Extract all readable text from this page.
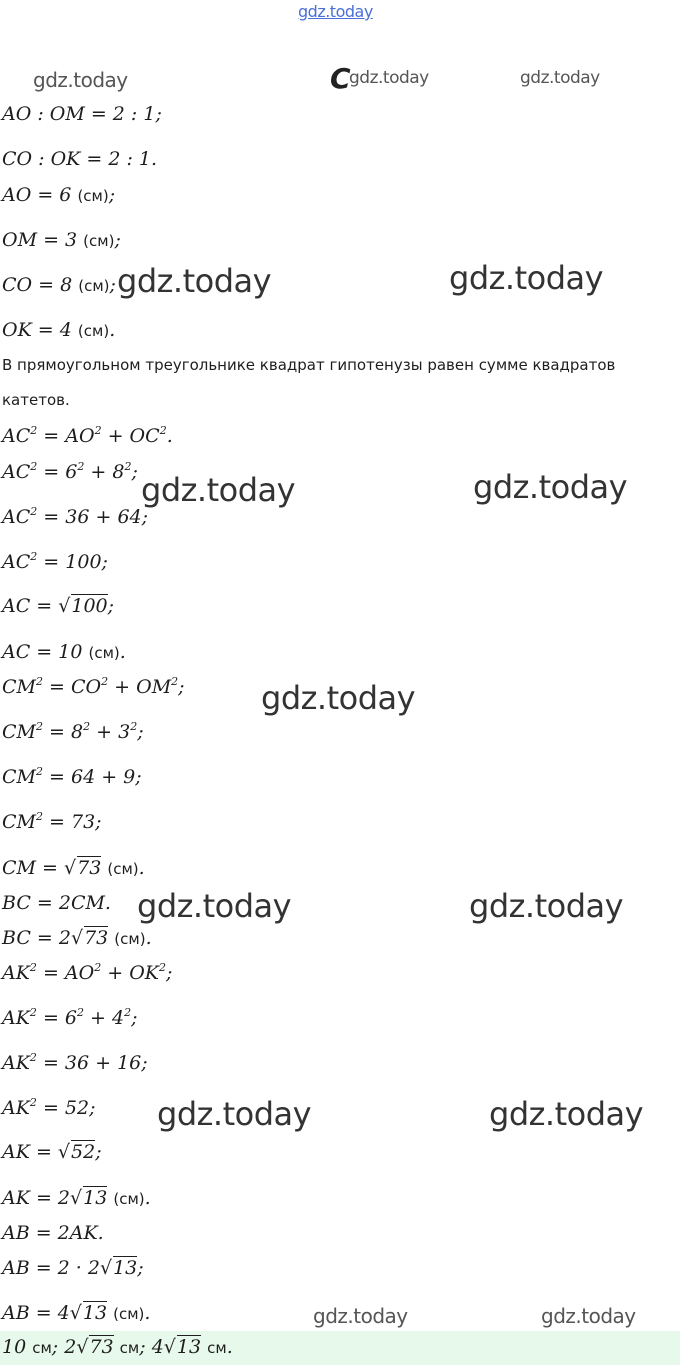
gdz.today
gdz.today	C
gdz.today	gdz.today
gdz.today	gdz.today
gdz.today	gdz.today
gdz.today
gdz.today	gdz.today
gdz.today	gdz.today
gdz.today	gdz.today
AO : OM = 2 : 1;
CO : OK = 2 : 1.
AO = 6 (см);
OM = 3 (см);
CO = 8 (см);
OK = 4 (см).
В прямоугольном треугольнике квадрат гипотенузы равен сумме квадратов
катетов.
$AC^2 = AO^2 + OC^2$.
$AC^2 = 6^2 + 8^2$;
$AC^2 = 36 + 64$;
$AC^2 = 100$;
AC = √100;
AC = 10 (см).
$CM^2 = CO^2 + OM^2$;
$CM^2 = 8^2 + 3^2$;
$CM^2 = 64 + 9$;
$CM^2 = 73$;
CM = √73 (см).
BC = 2CM.
BC = 2√73 (см).
$AK^2 = AO^2 + OK^2$;
$AK^2 = 6^2 + 4^2$;
$AK^2 = 36 + 16$;
$AK^2 = 52$;
AK = √52;
AK = 2√13 (см).
AB = 2AK.
AB = 2 · 2√13;
AB = 4√13 (см).
10 см; 2√73 см; 4√13 см.
